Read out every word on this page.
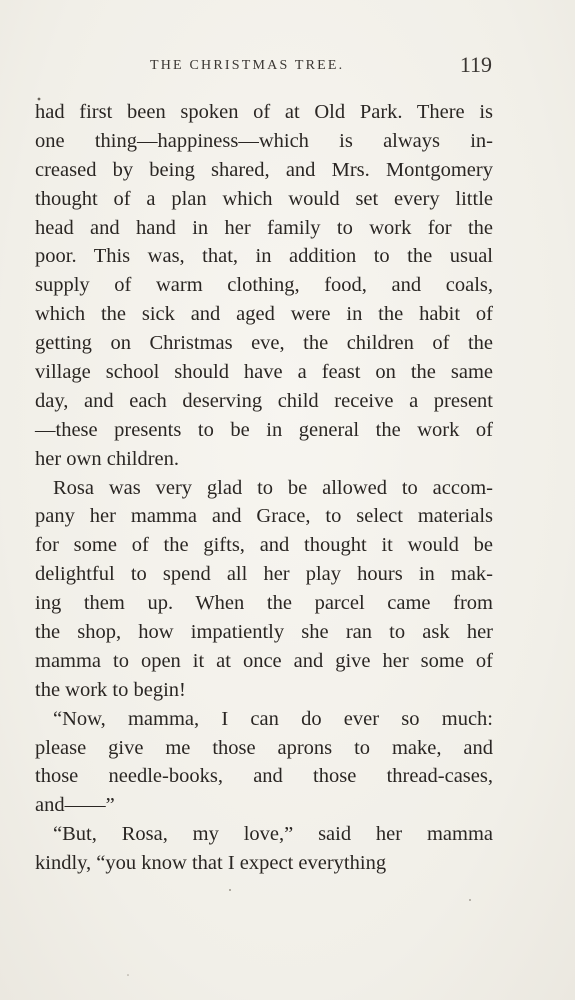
THE CHRISTMAS TREE.	119
had first been spoken of at Old Park. There is
one thing—happiness—which is always in-
creased by being shared, and Mrs. Montgomery
thought of a plan which would set every little
head and hand in her family to work for the
poor. This was, that, in addition to the usual
supply of warm clothing, food, and coals,
which the sick and aged were in the habit of
getting on Christmas eve, the children of the
village school should have a feast on the same
day, and each deserving child receive a present
—these presents to be in general the work of
her own children.
Rosa was very glad to be allowed to accom-
pany her mamma and Grace, to select materials
for some of the gifts, and thought it would be
delightful to spend all her play hours in mak-
ing them up. When the parcel came from
the shop, how impatiently she ran to ask her
mamma to open it at once and give her some of
the work to begin!
“Now, mamma, I can do ever so much:
please give me those aprons to make, and
those needle-books, and those thread-cases,
and——”
“But, Rosa, my love,” said her mamma
kindly, “you know that I expect everything
